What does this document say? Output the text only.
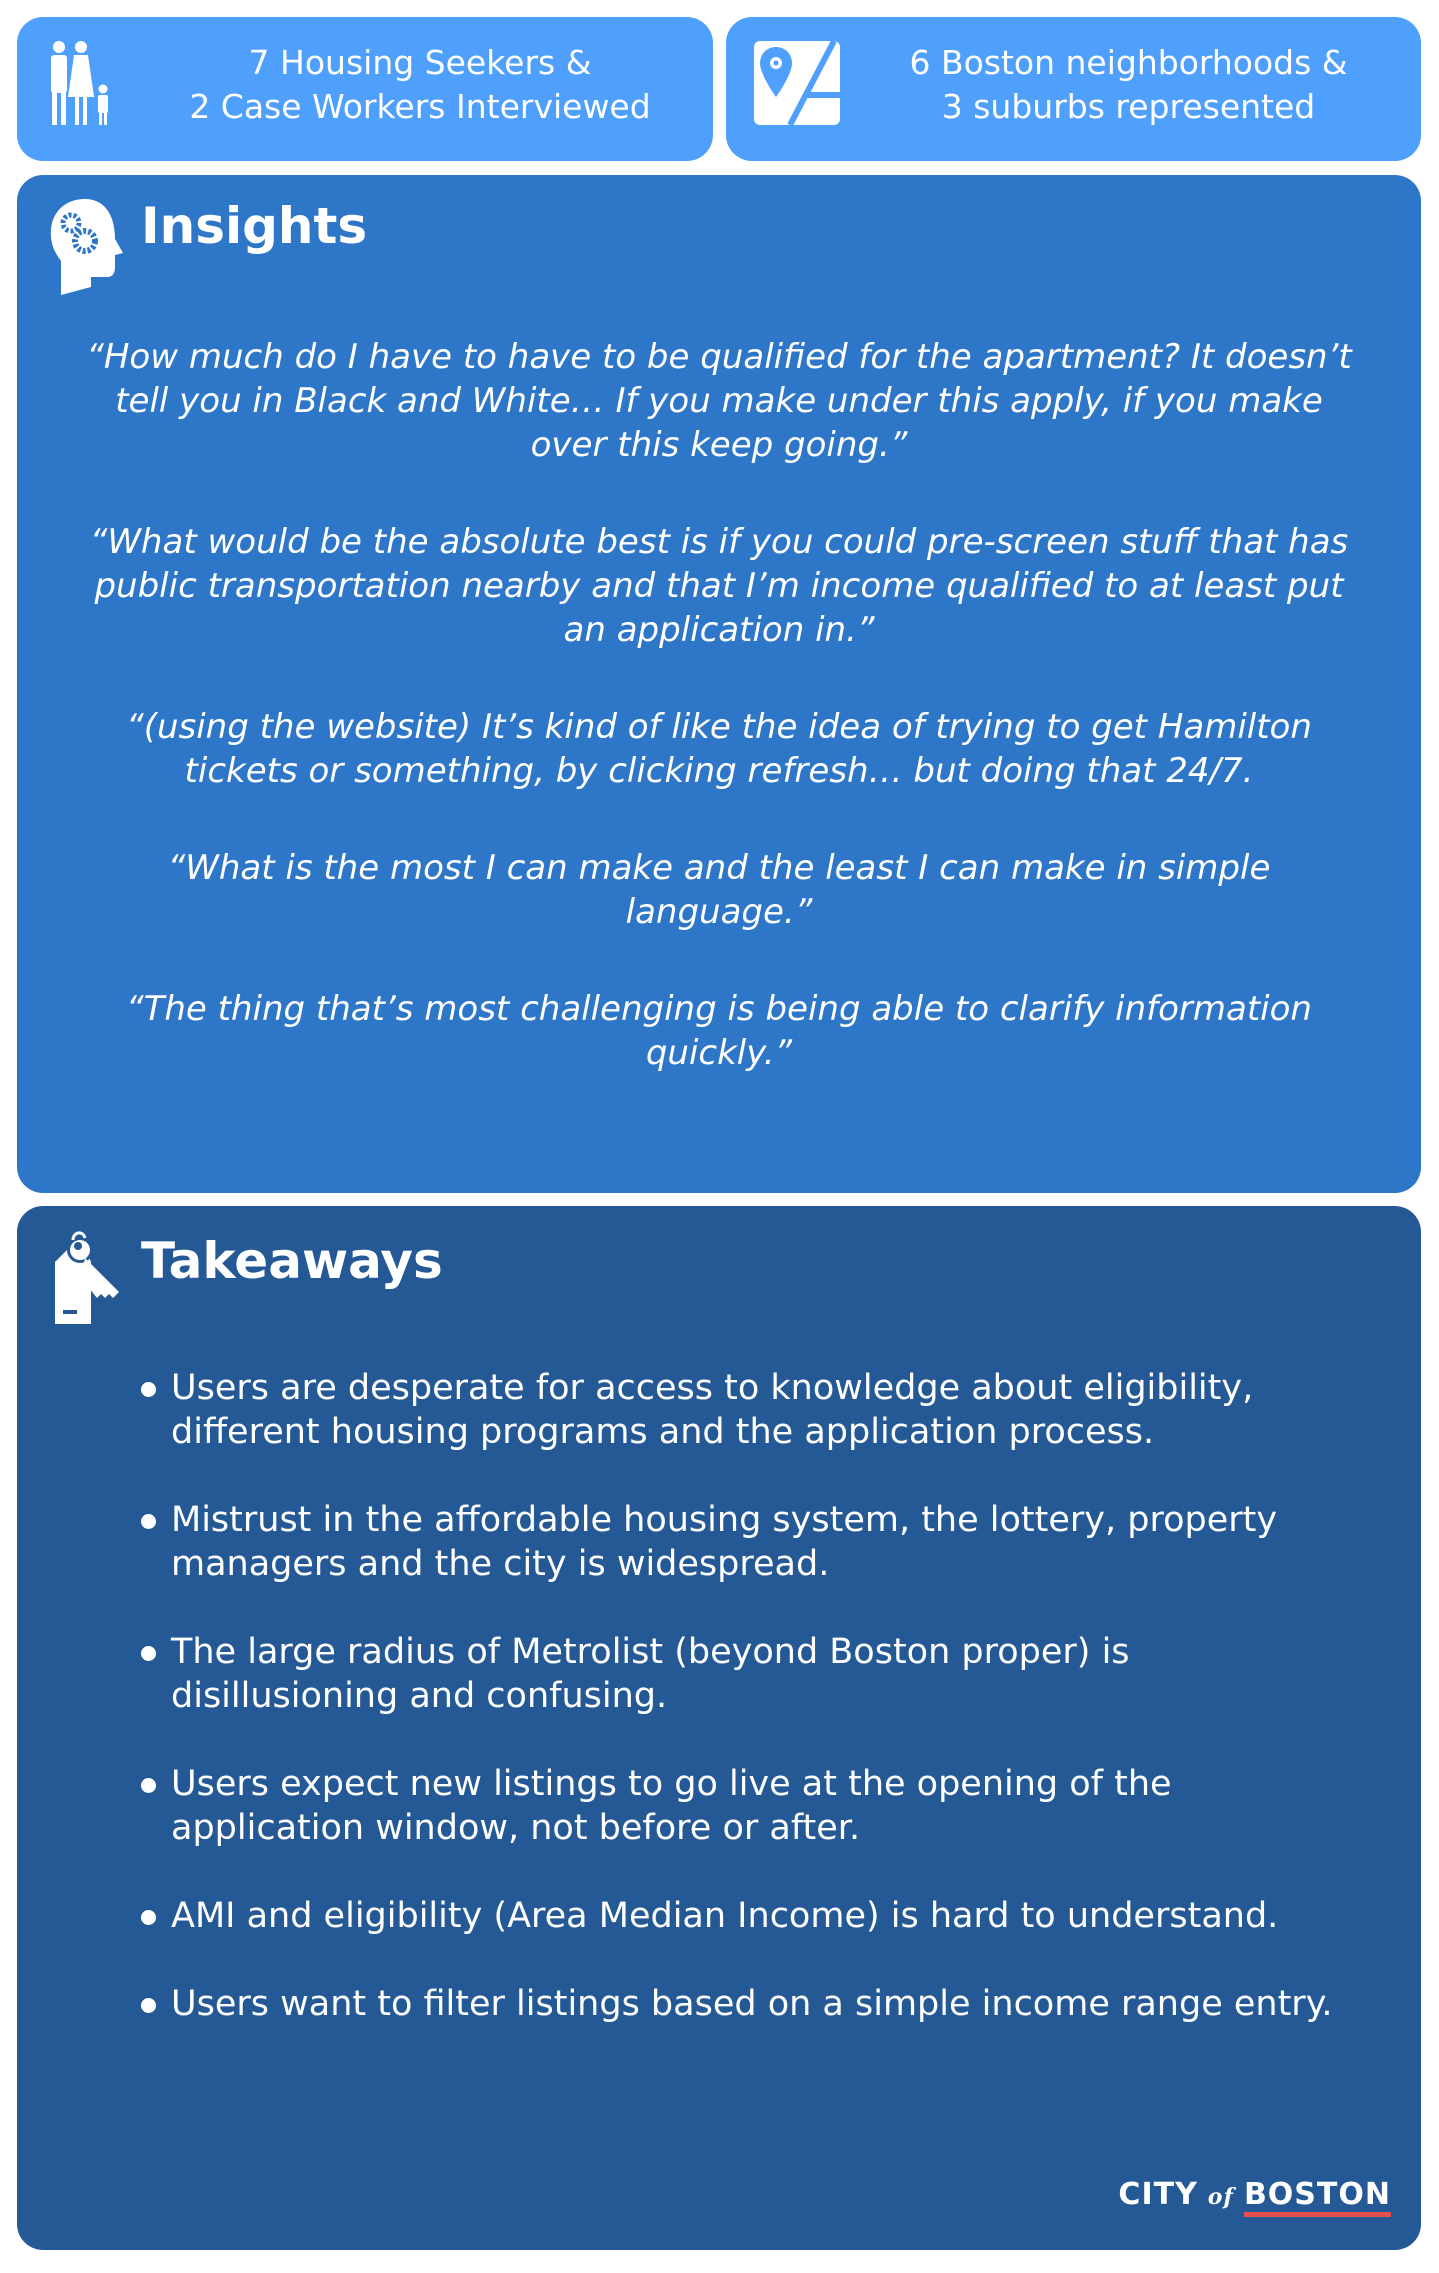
7 Housing Seekers &
2 Case Workers Interviewed
6 Boston neighborhoods &
3 suburbs represented
Insights

“How much do I have to have to be qualified for the apartment? It doesn’t tell you in Black and White… If you make under this apply, if you make over this keep going.”

“What would be the absolute best is if you could pre-screen stuff that has public transportation nearby and that I’m income qualified to at least put an application in.”

“(using the website) It’s kind of like the idea of trying to get Hamilton tickets or something, by clicking refresh… but doing that 24/7.

“What is the most I can make and the least I can make in simple language.”

“The thing that’s most challenging is being able to clarify information quickly.”

Takeaways
Users are desperate for access to knowledge about eligibility, different housing programs and the application process.
Mistrust in the affordable housing system, the lottery, property managers and the city is widespread.
The large radius of Metrolist (beyond Boston proper) is disillusioning and confusing.
Users expect new listings to go live at the opening of the application window, not before or after.
AMI and eligibility (Area Median Income) is hard to understand.
Users want to filter listings based on a simple income range entry.
CITY of BOSTON
